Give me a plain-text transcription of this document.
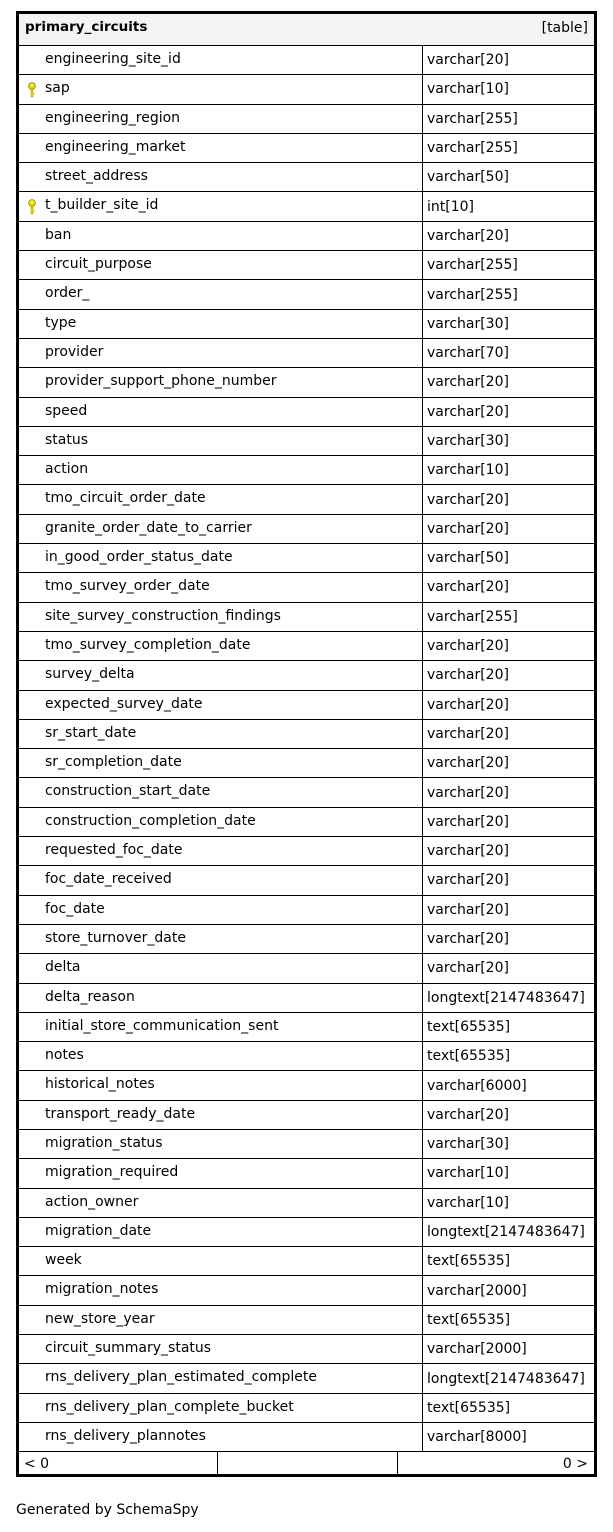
primary_circuits	[table]
engineering_site_id	varchar[20]
sap	varchar[10]
engineering_region	varchar[255]
engineering_market	varchar[255]
street_address	varchar[50]
t_builder_site_id	int[10]
ban	varchar[20]
circuit_purpose	varchar[255]
order_	varchar[255]
type	varchar[30]
provider	varchar[70]
provider_support_phone_number	varchar[20]
speed	varchar[20]
status	varchar[30]
action	varchar[10]
tmo_circuit_order_date	varchar[20]
granite_order_date_to_carrier	varchar[20]
in_good_order_status_date	varchar[50]
tmo_survey_order_date	varchar[20]
site_survey_construction_findings	varchar[255]
tmo_survey_completion_date	varchar[20]
survey_delta	varchar[20]
expected_survey_date	varchar[20]
sr_start_date	varchar[20]
sr_completion_date	varchar[20]
construction_start_date	varchar[20]
construction_completion_date	varchar[20]
requested_foc_date	varchar[20]
foc_date_received	varchar[20]
foc_date	varchar[20]
store_turnover_date	varchar[20]
delta	varchar[20]
delta_reason	longtext[2147483647]
initial_store_communication_sent	text[65535]
notes	text[65535]
historical_notes	varchar[6000]
transport_ready_date	varchar[20]
migration_status	varchar[30]
migration_required	varchar[10]
action_owner	varchar[10]
migration_date	longtext[2147483647]
week	text[65535]
migration_notes	varchar[2000]
new_store_year	text[65535]
circuit_summary_status	varchar[2000]
rns_delivery_plan_estimated_complete	longtext[2147483647]
rns_delivery_plan_complete_bucket	text[65535]
rns_delivery_plannotes	varchar[8000]
< 0	0 >
Generated by SchemaSpy
